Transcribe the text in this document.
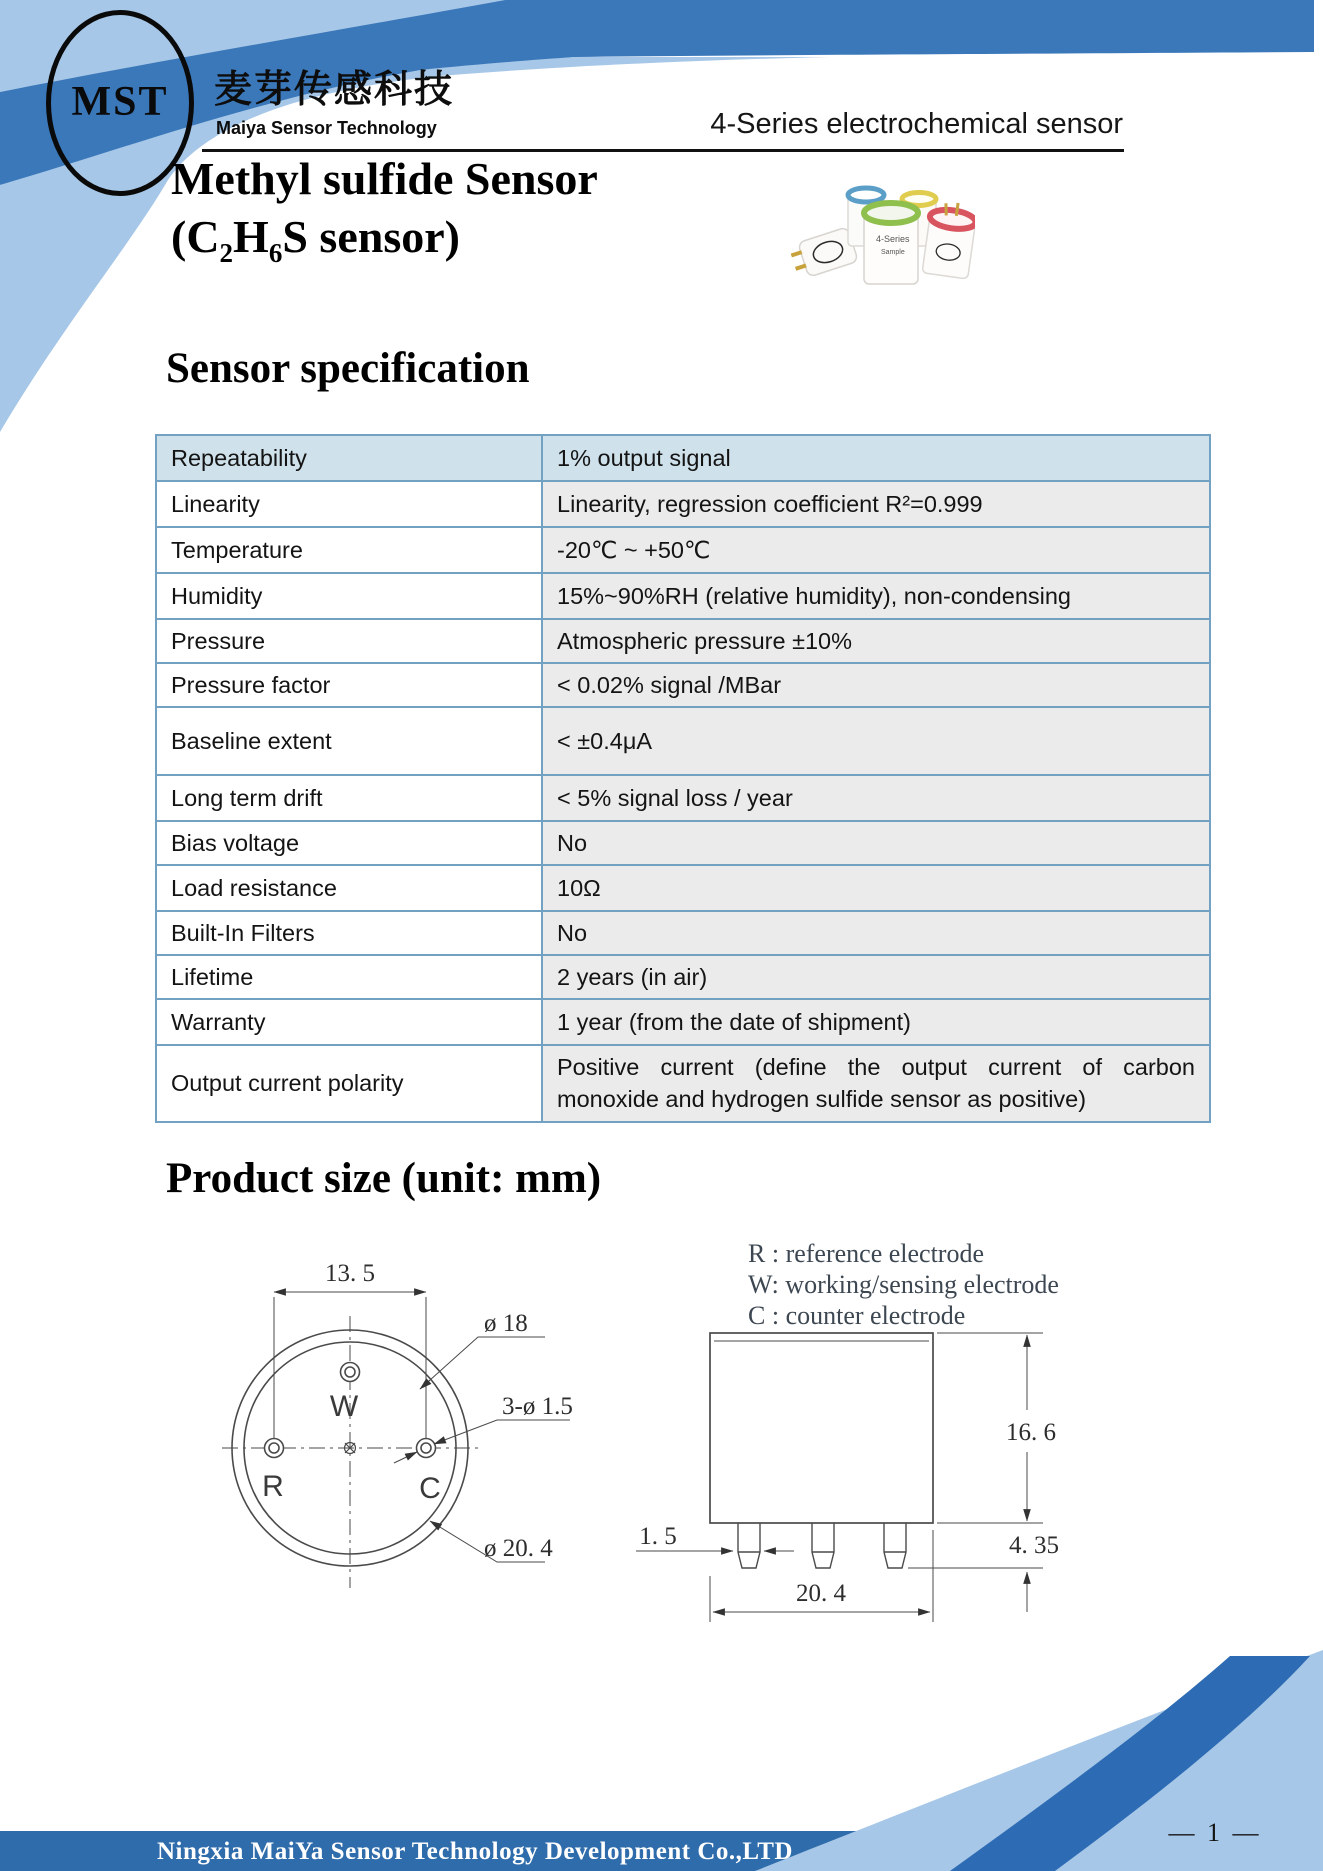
MST	麦芽传感科技
Maiya Sensor Technology	4-Series electrochemical sensor
Methyl sulfide Sensor
($C_2H_6S$ sensor)	4-Series
Sample
Sensor specification
Repeatability	1% output signal
Linearity	Linearity, regression coefficient R²=0.999
Temperature	-20℃ ~ +50℃
Humidity	15%~90%RH (relative humidity), non-condensing
Pressure	Atmospheric pressure ±10%
Pressure factor	< 0.02% signal /MBar
Baseline extent	< ±0.4μA
Long term drift	< 5% signal loss / year
Bias voltage	No
Load resistance	10Ω
Built-In Filters	No
Lifetime	2 years (in air)
Warranty	1 year (from the date of shipment)
Output current polarity	Positive current (define the output current of carbon monoxide and hydrogen sulfide sensor as positive)
Product size (unit: mm)
R : reference electrode
W: working/sensing electrode
C : counter electrode
W
R	C
13. 5
ø 18
3-ø 1.5
ø 20. 4
16. 6
4. 35
1. 5
20. 4
Ningxia MaiYa Sensor Technology Development Co.,LTD
— 1 —
